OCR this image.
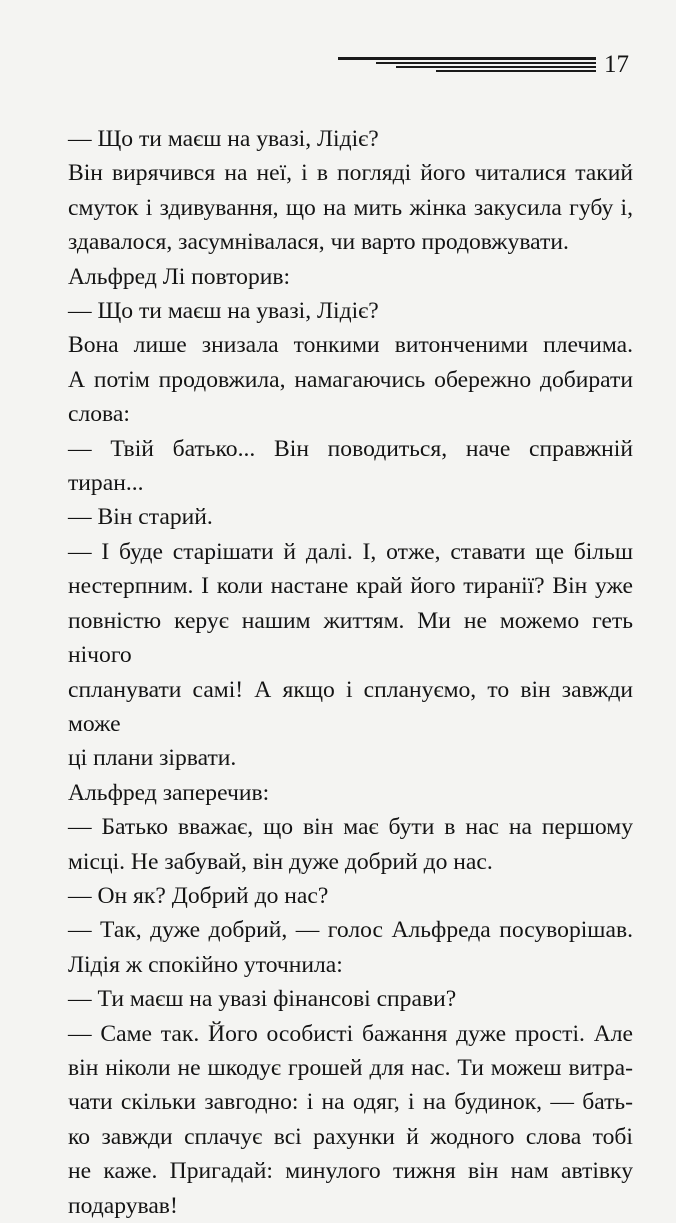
17
— Що ти маєш на увазі, Лідіє?
Він вирячився на неї, і в погляді його читалися такий
смуток і здивування, що на мить жінка закусила губу і,
здавалося, засумнівалася, чи варто продовжувати.
Альфред Лі повторив:
— Що ти маєш на увазі, Лідіє?
Вона лише знизала тонкими витонченими плечима.
А потім продовжила, намагаючись обережно добирати
слова:
— Твій батько... Він поводиться, наче справжній тиран...
— Він старий.
— І буде старішати й далі. І, отже, ставати ще більш
нестерпним. І коли настане край його тиранії? Він уже
повністю керує нашим життям. Ми не можемо геть нічого
спланувати самі! А якщо і сплануємо, то він завжди може
ці плани зірвати.
Альфред заперечив:
— Батько вважає, що він має бути в нас на першому
місці. Не забувай, він дуже добрий до нас.
— Он як? Добрий до нас?
— Так, дуже добрий, — голос Альфреда посуворішав.
Лідія ж спокійно уточнила:
— Ти маєш на увазі фінансові справи?
— Саме так. Його особисті бажання дуже прості. Але
він ніколи не шкодує грошей для нас. Ти можеш витра-
чати скільки завгодно: і на одяг, і на будинок, — бать-
ко завжди сплачує всі рахунки й жодного слова тобі
не каже. Пригадай: минулого тижня він нам автівку
подарував!
